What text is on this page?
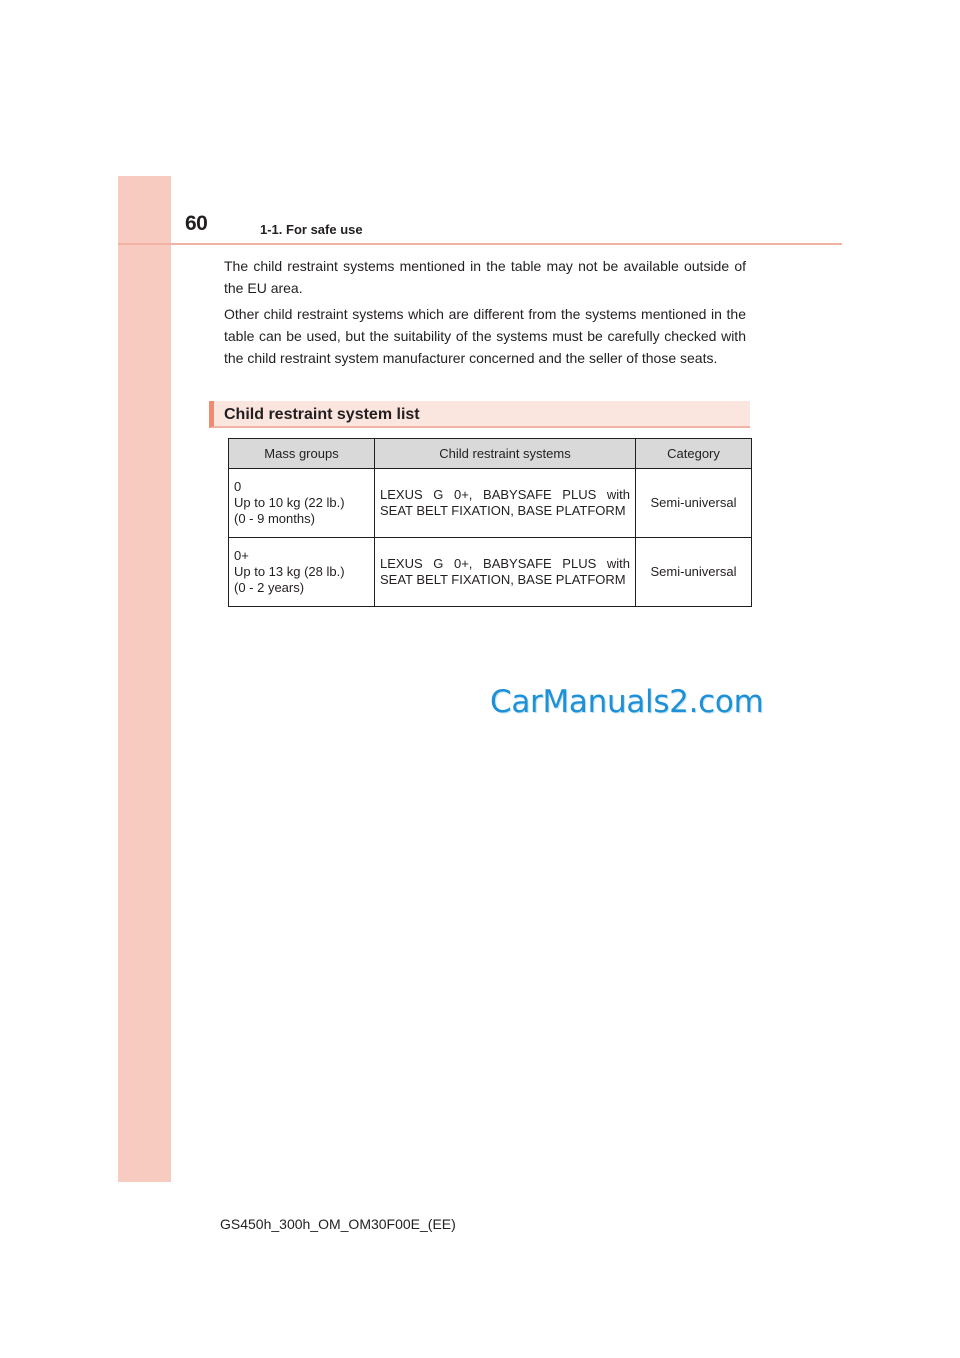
60	1-1. For safe use

The child restraint systems mentioned in the table may not be available outside of the EU area.

Other child restraint systems which are different from the systems mentioned in the table can be used, but the suitability of the systems must be carefully checked with the child restraint system manufacturer concerned and the seller of those seats.

Child restraint system list
Mass groups	Child restraint systems	Category

0
Up to 10 kg (22 lb.)
(0 - 9 months)	LEXUS G 0+, BABYSAFE PLUS with SEAT BELT FIXATION, BASE PLATFORM	Semi-universal

0+
Up to 13 kg (28 lb.)
(0 - 2 years)	LEXUS G 0+, BABYSAFE PLUS with SEAT BELT FIXATION, BASE PLATFORM	Semi-universal
CarManuals2.com
GS450h_300h_OM_OM30F00E_(EE)
